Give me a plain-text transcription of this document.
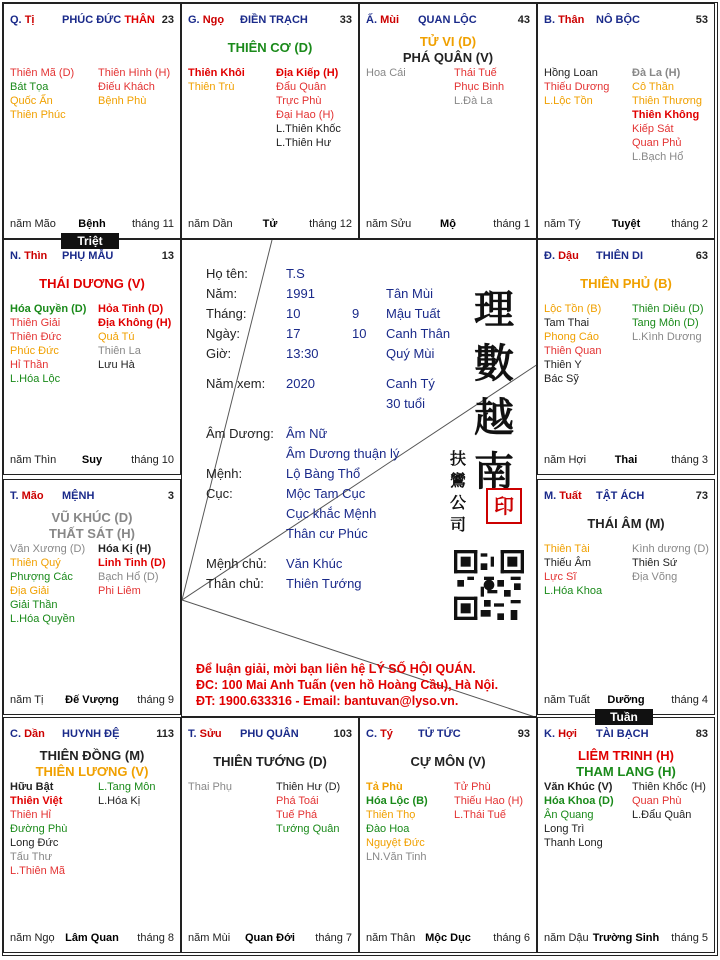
Q. Tị	PHÚC ĐỨC THÂN 23
Thiên Mã (D)
Bát Tọa
Quốc Ấn
Thiên Phúc
Thiên Hình (H)
Điếu Khách
Bệnh Phù
năm Mão	Bệnh	tháng 11
G. Ngọ ĐIỀN TRẠCH	33
THIÊN CƠ (D)
Thiên Khôi
Thiên Trù
Địa Kiếp (H)
Đẩu Quân
Trực Phù
Đại Hao (H)
L.Thiên Khốc
L.Thiên Hư
năm Dần	Tử	tháng 12
Ấ. Mùi QUAN LỘC	43
TỬ VI (D)
PHÁ QUÂN (V)
Hoa Cái	Thái Tuế
Phục Binh
L.Đà La
năm Sửu	Mộ	tháng 1
B. Thân NÔ BỘC	53
Hồng Loan
Thiếu Dương
L.Lộc Tồn
Đà La (H)
Cô Thần
Thiên Thương
Thiên Không
Kiếp Sát
Quan Phủ
L.Bạch Hổ
năm Tý	Tuyệt	tháng 2
N. Thìn PHỤ MẪU	13
THÁI DƯƠNG (V)
Hóa Quyền (D)
Thiên Giải
Thiên Đức
Phúc Đức
Hỉ Thần
L.Hóa Lộc
Hỏa Tinh (D)
Địa Không (H)
Quả Tú
Thiên La
Lưu Hà
năm Thìn	Suy	tháng 10
Đ. Dậu THIÊN DI	63
THIÊN PHỦ (B)
Lộc Tồn (B)
Tam Thai
Phong Cáo
Thiên Quan
Thiên Y
Bác Sỹ
Thiên Diêu (D)
Tang Môn (D)
L.Kình Dương
năm Hợi	Thai	tháng 3
T. Mão MỆNH	3
VŨ KHÚC (D)
THẤT SÁT (H)
Văn Xương (D)
Thiên Quý
Phượng Các
Địa Giải
Giải Thần
L.Hóa Quyền
Hóa Kị (H)
Linh Tinh (D)
Bạch Hổ (D)
Phi Liêm
năm Tị	Đế Vượng	tháng 9
M. Tuất TẬT ÁCH	73
THÁI ÂM (M)
Thiên Tài
Thiếu Âm
Lực Sĩ
L.Hóa Khoa
Kình dương (D)
Thiên Sứ
Địa Võng
năm Tuất	Dưỡng	tháng 4
C. Dần HUYNH ĐỆ	113
THIÊN ĐỒNG (M)
THIÊN LƯƠNG (V)
Hữu Bật
Thiên Việt
Thiên Hỉ
Đường Phù
Long Đức
Tấu Thư
L.Thiên Mã
L.Tang Môn
L.Hóa Kị
năm Ngọ Lâm Quan	tháng 8
T. Sửu PHU QUÂN	103
THIÊN TƯỚNG (D)
Thai Phụ	Thiên Hư (D)
Phá Toái
Tuế Phá
Tướng Quân
năm Mùi	Quan Đới	tháng 7
C. Tý TỬ TỨC	93
CỰ MÔN (V)
Tả Phù
Hóa Lộc (B)
Thiên Thọ
Đào Hoa
Nguyệt Đức
LN.Văn Tinh
Tử Phù
Thiếu Hao (H)
L.Thái Tuế
năm Thân Mộc Dục	tháng 6
K. Hợi TÀI BẠCH	83
LIÊM TRINH (H)
THAM LANG (H)
Văn Khúc (V)
Hóa Khoa (D)
Ân Quang
Long Trì
Thanh Long
Thiên Khốc (H)
Quan Phù
L.Đẩu Quân
năm Dậu Trường Sinh	tháng 5
Họ tên:	T.S
Năm:	1991	Tân Mùi
Tháng:	10	9 Mậu Tuất
Ngày:	17	10 Canh Thân
Giờ:	13:30	Quý Mùi
Năm xem: 2020	Canh Tý
30 tuổi
Âm Dương: Âm Nữ
Âm Dương thuận lý
Mệnh:	Lộ Bàng Thổ
Cục:	Mộc Tam Cục
Cục khắc Mệnh
Thân cư Phúc
Mệnh chủ: Văn Khúc
Thân chủ: Thiên Tướng
理
數
越
南
扶
鸞
公
司
印
Để luận giải, mời bạn liên hệ LÝ SỐ HỘI QUÁN.
ĐC: 100 Mai Anh Tuấn (ven hồ Hoàng Cầu), Hà Nội.
ĐT: 1900.633316 - Email: bantuvan@lyso.vn.
Triệt
Tuần
